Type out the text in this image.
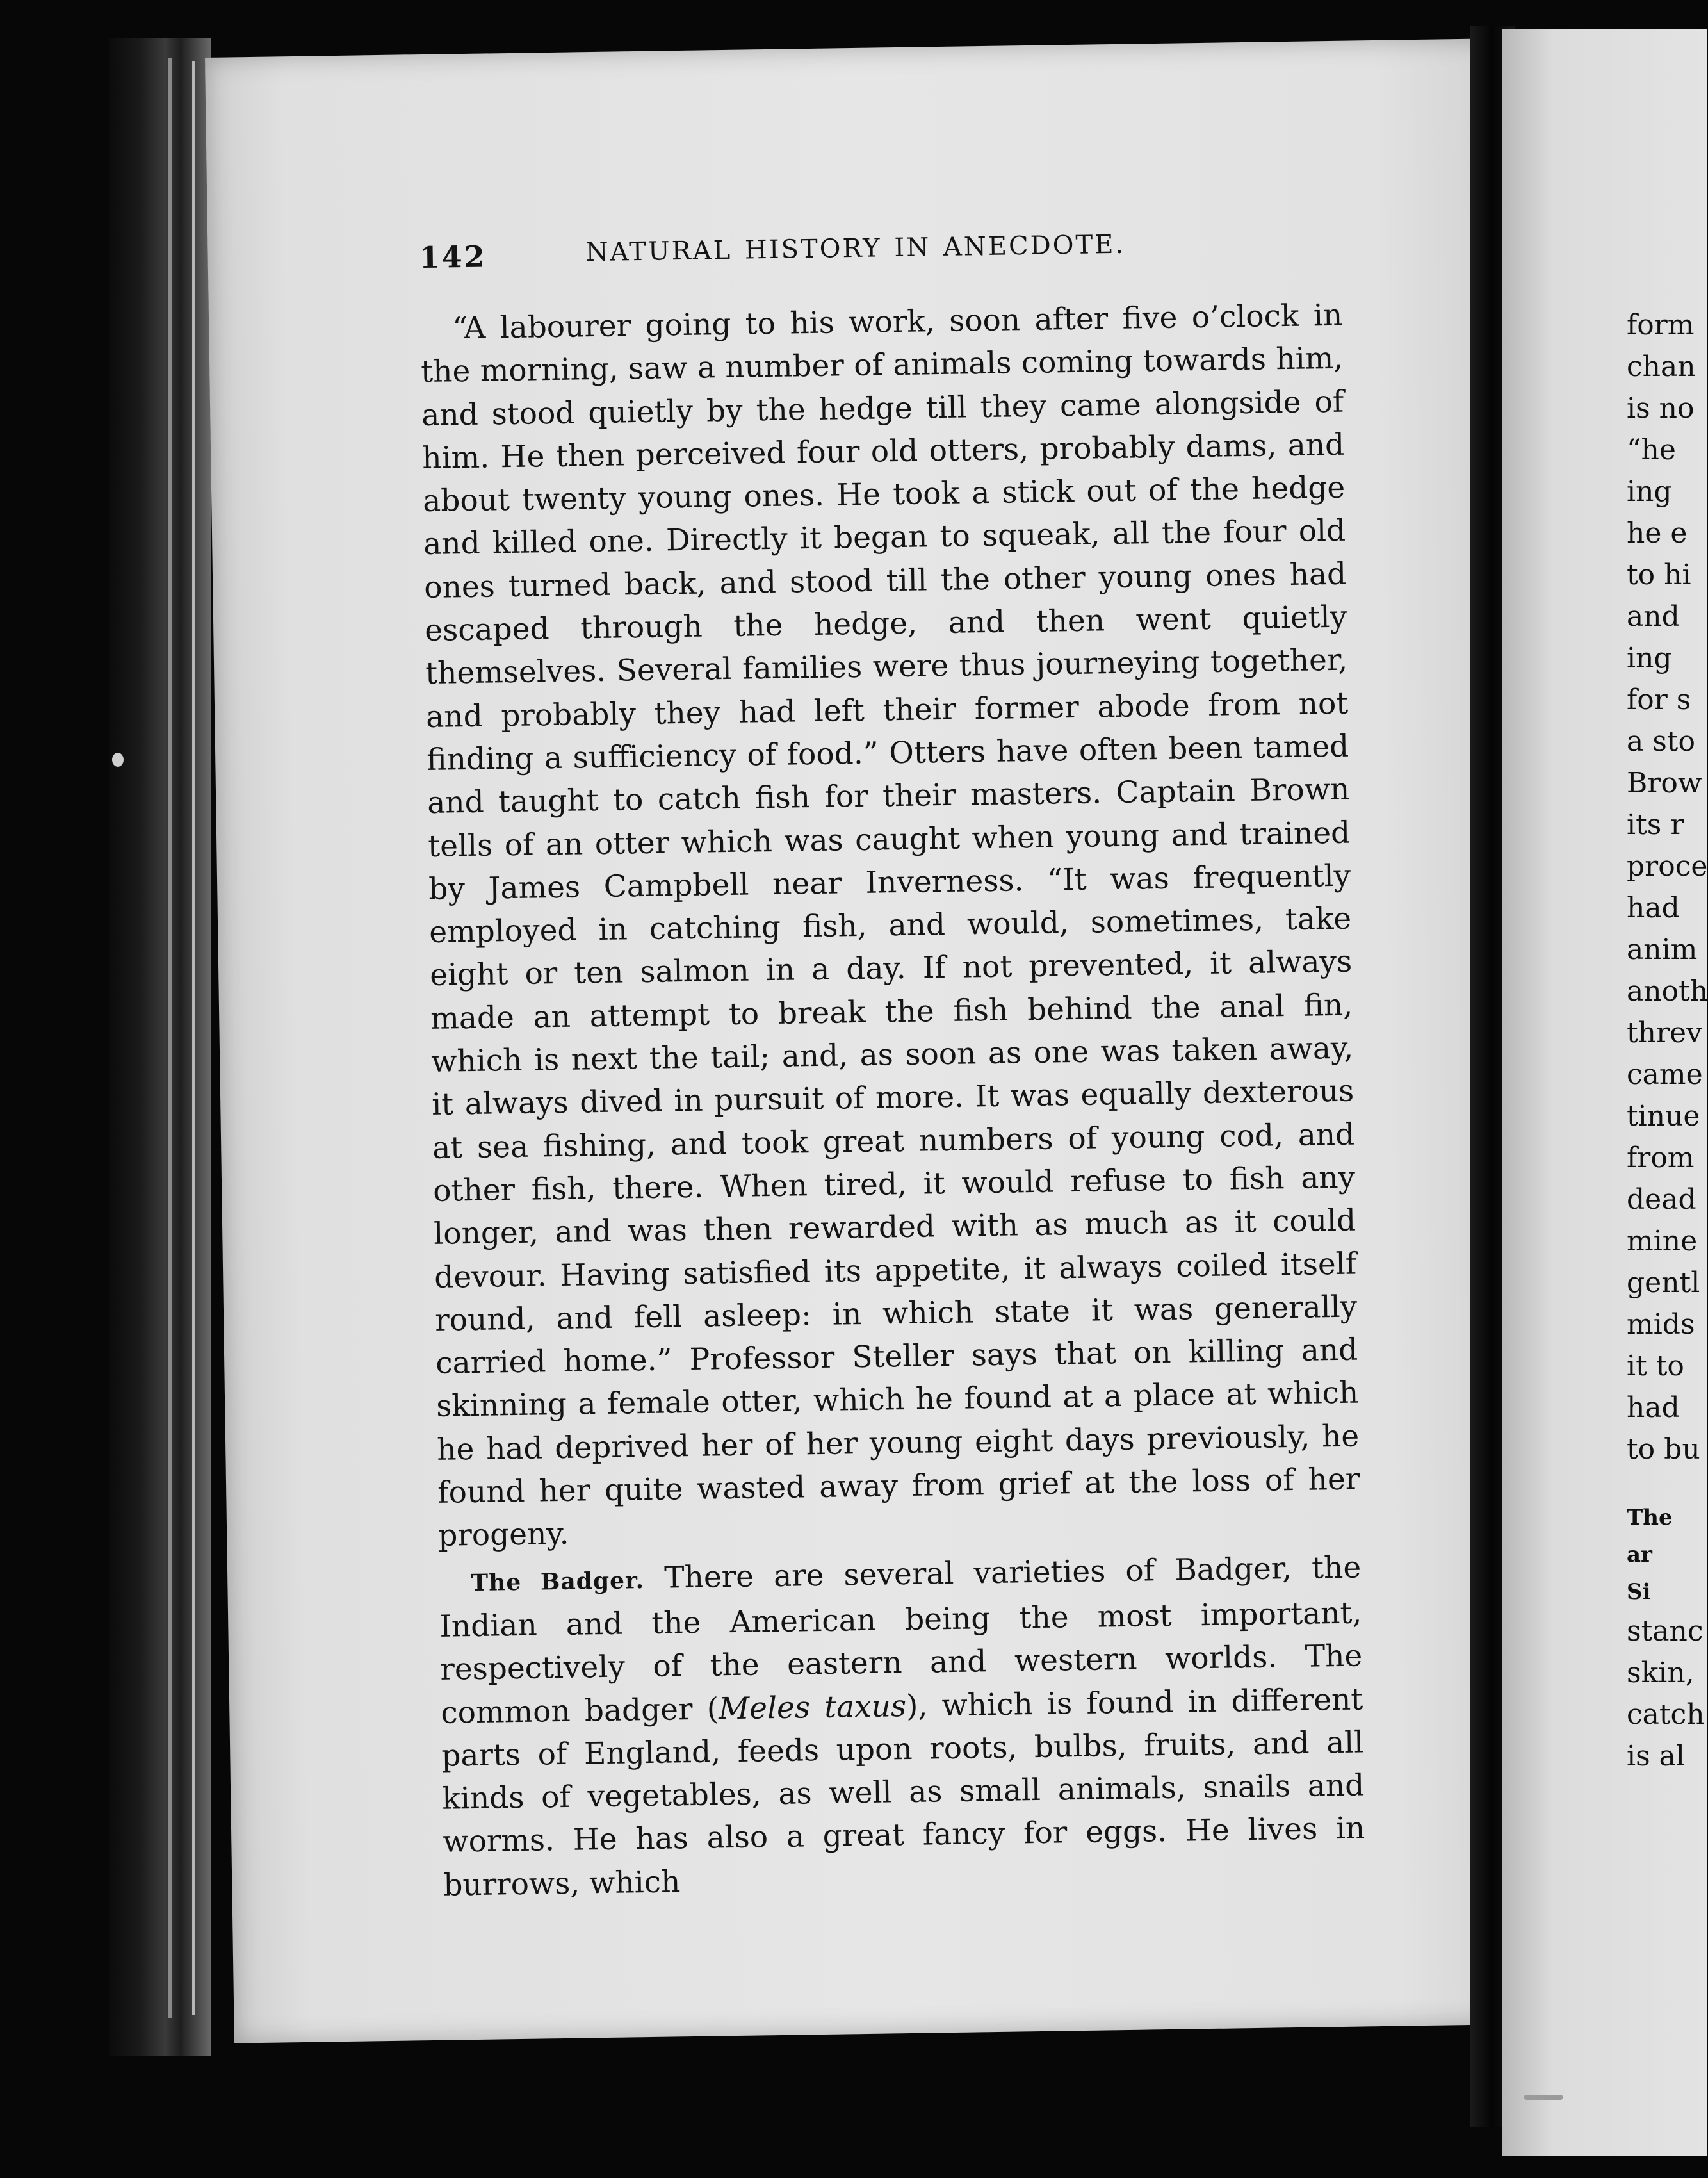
142	NATURAL HISTORY IN ANECDOTE.

“A labourer going to his work, soon after five o’clock in the morning, saw a number of animals coming towards him, and stood quietly by the hedge till they came alongside of him. He then perceived four old otters, probably dams, and about twenty young ones. He took a stick out of the hedge and killed one. Directly it began to squeak, all the four old ones turned back, and stood till the other young ones had escaped through the hedge, and then went quietly themselves. Several families were thus journeying together, and probably they had left their former abode from not finding a sufficiency of food.” Otters have often been tamed and taught to catch fish for their masters. Captain Brown tells of an otter which was caught when young and trained by James Campbell near Inverness. “It was frequently employed in catching fish, and would, sometimes, take eight or ten salmon in a day. If not prevented, it always made an attempt to break the fish behind the anal fin, which is next the tail; and, as soon as one was taken away, it always dived in pursuit of more. It was equally dexterous at sea fishing, and took great numbers of young cod, and other fish, there. When tired, it would refuse to fish any longer, and was then rewarded with as much as it could devour. Having satisfied its appetite, it always coiled itself round, and fell asleep: in which state it was generally carried home.” Professor Steller says that on killing and skinning a female otter, which he found at a place at which he had deprived her of her young eight days previously, he found her quite wasted away from grief at the loss of her progeny.

The Badger. There are several varieties of Badger, the Indian and the American being the most important, respectively of the eastern and western worlds. The common badger (Meles taxus), which is found in different parts of England, feeds upon roots, bulbs, fruits, and all kinds of vegetables, as well as small animals, snails and worms. He has also a great fancy for eggs. He lives in burrows, which

form
chan
is no
“he
ing
he e
to hi
and
ing
for s
a sto
Brow
its r
proce
had
anim
anoth
threv
came
tinue
from
dead
mine
gentl
mids
it to
had
to bu
The
ar
Si
stanc
skin,
catch
is al
